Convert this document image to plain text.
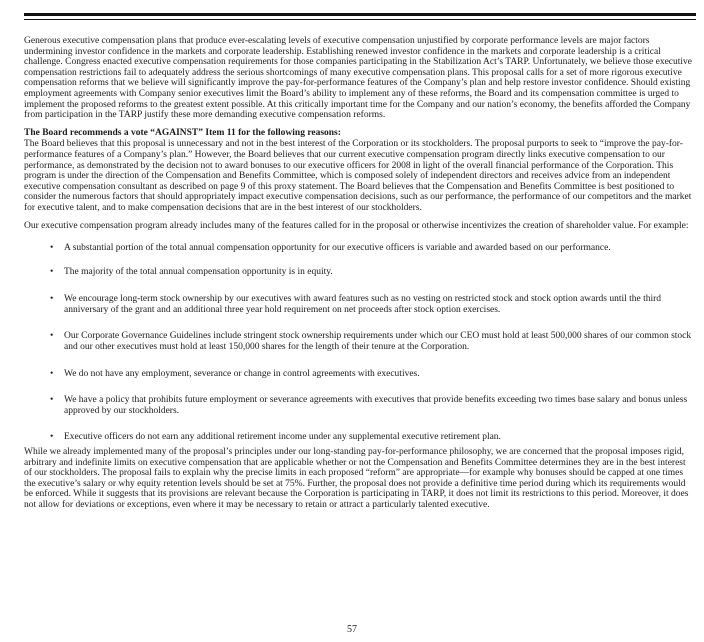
Generous executive compensation plans that produce ever-escalating levels of executive compensation unjustified by corporate performance levels are major factors undermining investor confidence in the markets and corporate leadership. Establishing renewed investor confidence in the markets and corporate leadership is a critical challenge. Congress enacted executive compensation requirements for those companies participating in the Stabilization Act’s TARP. Unfortunately, we believe those executive compensation restrictions fail to adequately address the serious shortcomings of many executive compensation plans. This proposal calls for a set of more rigorous executive compensation reforms that we believe will significantly improve the pay-for-performance features of the Company’s plan and help restore investor confidence. Should existing employment agreements with Company senior executives limit the Board’s ability to implement any of these reforms, the Board and its compensation committee is urged to implement the proposed reforms to the greatest extent possible. At this critically important time for the Company and our nation’s economy, the benefits afforded the Company from participation in the TARP justify these more demanding executive compensation reforms.

The Board recommends a vote “AGAINST” Item 11 for the following reasons:

The Board believes that this proposal is unnecessary and not in the best interest of the Corporation or its stockholders. The proposal purports to seek to “improve the pay-for-performance features of a Company’s plan.” However, the Board believes that our current executive compensation program directly links executive compensation to our performance, as demonstrated by the decision not to award bonuses to our executive officers for 2008 in light of the overall financial performance of the Corporation. This program is under the direction of the Compensation and Benefits Committee, which is composed solely of independent directors and receives advice from an independent executive compensation consultant as described on page 9 of this proxy statement. The Board believes that the Compensation and Benefits Committee is best positioned to consider the numerous factors that should appropriately impact executive compensation decisions, such as our performance, the performance of our competitors and the market for executive talent, and to make compensation decisions that are in the best interest of our stockholders.

Our executive compensation program already includes many of the features called for in the proposal or otherwise incentivizes the creation of shareholder value. For example:

• A substantial portion of the total annual compensation opportunity for our executive officers is variable and awarded based on our performance.
• The majority of the total annual compensation opportunity is in equity.
• We encourage long-term stock ownership by our executives with award features such as no vesting on restricted stock and stock option awards until the third anniversary of the grant and an additional three year hold requirement on net proceeds after stock option exercises.
• Our Corporate Governance Guidelines include stringent stock ownership requirements under which our CEO must hold at least 500,000 shares of our common stock and our other executives must hold at least 150,000 shares for the length of their tenure at the Corporation.
• We do not have any employment, severance or change in control agreements with executives.
• We have a policy that prohibits future employment or severance agreements with executives that provide benefits exceeding two times base salary and bonus unless approved by our stockholders.
• Executive officers do not earn any additional retirement income under any supplemental executive retirement plan.

While we already implemented many of the proposal’s principles under our long-standing pay-for-performance philosophy, we are concerned that the proposal imposes rigid, arbitrary and indefinite limits on executive compensation that are applicable whether or not the Compensation and Benefits Committee determines they are in the best interest of our stockholders. The proposal fails to explain why the precise limits in each proposed “reform” are appropriate—for example why bonuses should be capped at one times the executive’s salary or why equity retention levels should be set at 75%. Further, the proposal does not provide a definitive time period during which its requirements would be enforced. While it suggests that its provisions are relevant because the Corporation is participating in TARP, it does not limit its restrictions to this period. Moreover, it does not allow for deviations or exceptions, even where it may be necessary to retain or attract a particularly talented executive.

57
